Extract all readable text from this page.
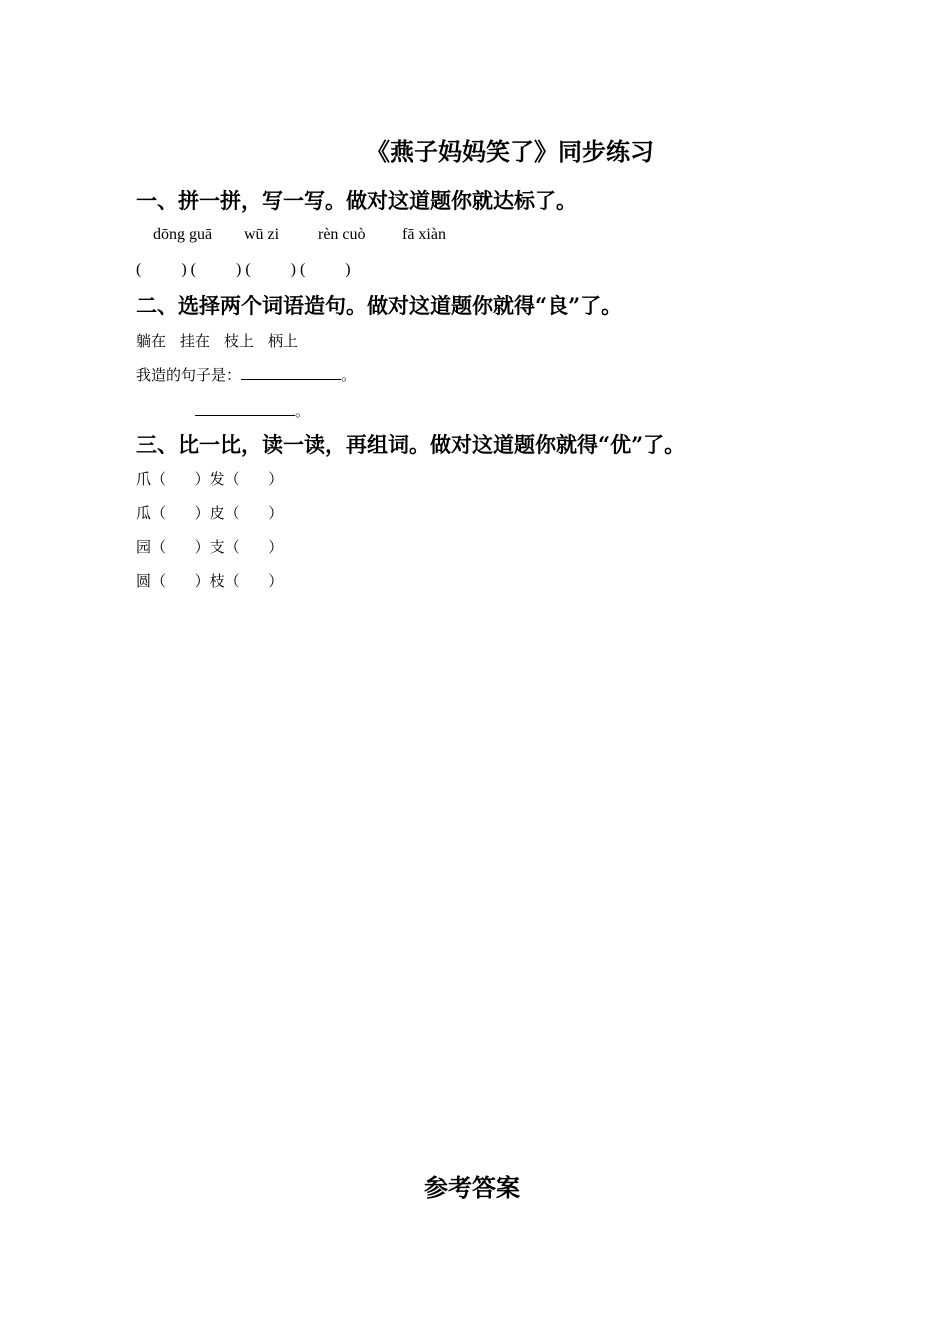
《燕子妈妈笑了》同步练习
一、拼一拼，写一写。做对这道题你就达标了。
dōng guā wū zi rèn cuò fā xiàn
(          ) (          ) (          ) (          )
二、选择两个词语造句。做对这道题你就得“良”了。
躺在 挂在 枝上 柄上
我造的句子是：	。
。
三、比一比，读一读，再组词。做对这道题你就得“优”了。
爪（      ）发（      ）
瓜（      ）皮（      ）
园（      ）支（      ）
圆（      ）枝（      ）
参考答案
